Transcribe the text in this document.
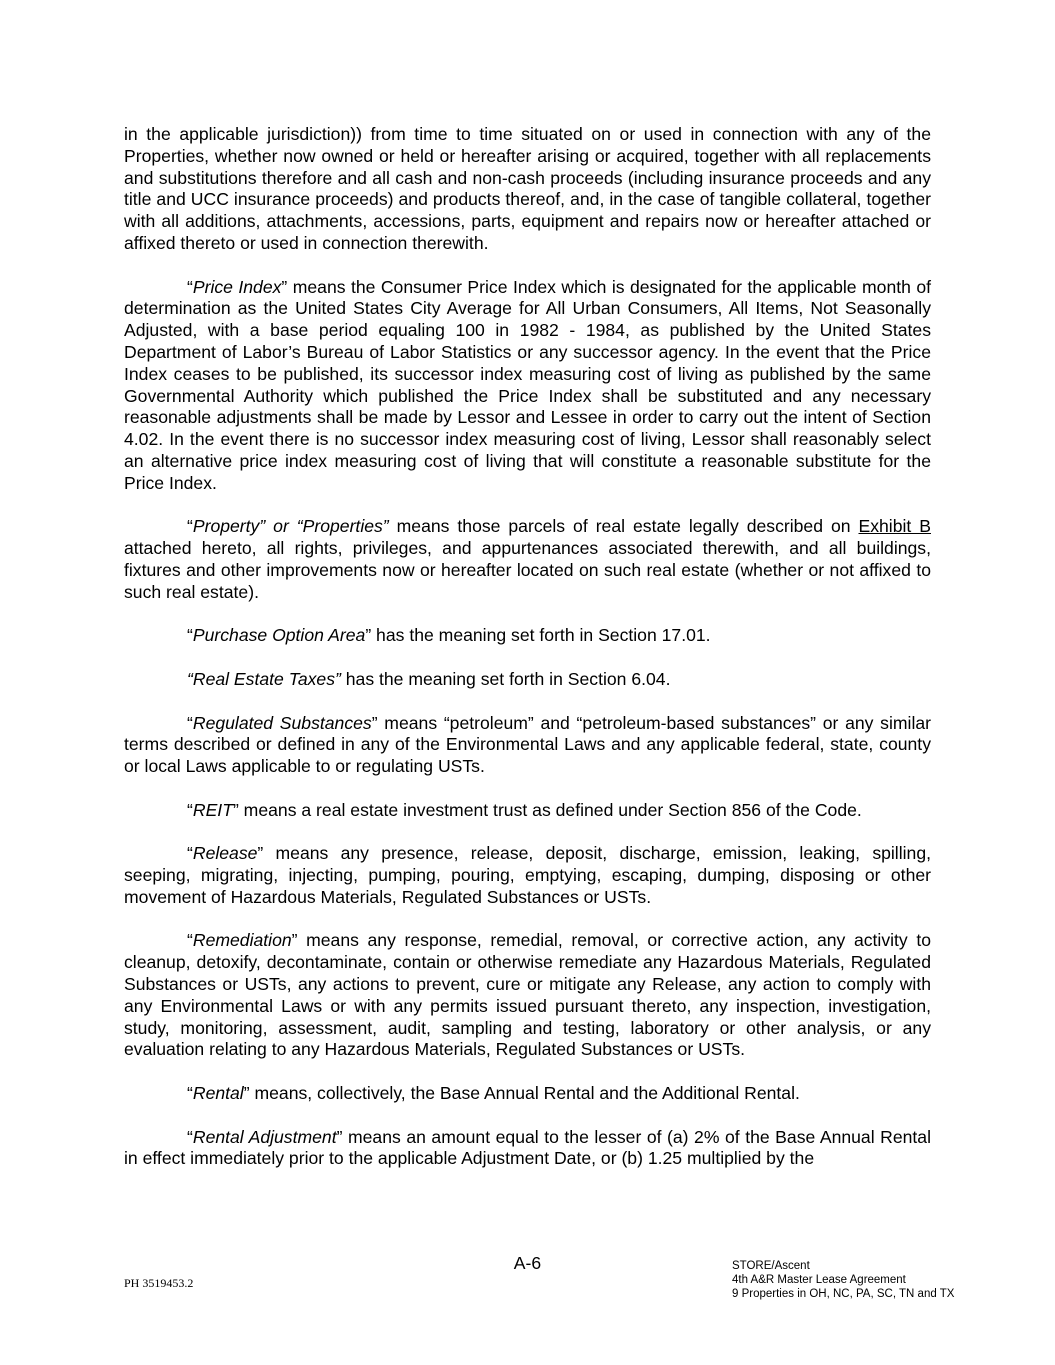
in the applicable jurisdiction)) from time to time situated on or used in connection with any of the Properties, whether now owned or held or hereafter arising or acquired, together with all replacements and substitutions therefore and all cash and non-cash proceeds (including insurance proceeds and any title and UCC insurance proceeds) and products thereof, and, in the case of tangible collateral, together with all additions, attachments, accessions, parts, equipment and repairs now or hereafter attached or affixed thereto or used in connection therewith.

“Price Index” means the Consumer Price Index which is designated for the applicable month of determination as the United States City Average for All Urban Consumers, All Items, Not Seasonally Adjusted, with a base period equaling 100 in 1982 - 1984, as published by the United States Department of Labor’s Bureau of Labor Statistics or any successor agency. In the event that the Price Index ceases to be published, its successor index measuring cost of living as published by the same Governmental Authority which published the Price Index shall be substituted and any necessary reasonable adjustments shall be made by Lessor and Lessee in order to carry out the intent of Section 4.02. In the event there is no successor index measuring cost of living, Lessor shall reasonably select an alternative price index measuring cost of living that will constitute a reasonable substitute for the Price Index.

“Property” or “Properties” means those parcels of real estate legally described on Exhibit B attached hereto, all rights, privileges, and appurtenances associated therewith, and all buildings, fixtures and other improvements now or hereafter located on such real estate (whether or not affixed to such real estate).

“Purchase Option Area” has the meaning set forth in Section 17.01.

“Real Estate Taxes” has the meaning set forth in Section 6.04.

“Regulated Substances” means “petroleum” and “petroleum-based substances” or any similar terms described or defined in any of the Environmental Laws and any applicable federal, state, county or local Laws applicable to or regulating USTs.

“REIT” means a real estate investment trust as defined under Section 856 of the Code.

“Release” means any presence, release, deposit, discharge, emission, leaking, spilling, seeping, migrating, injecting, pumping, pouring, emptying, escaping, dumping, disposing or other movement of Hazardous Materials, Regulated Substances or USTs.

“Remediation” means any response, remedial, removal, or corrective action, any activity to cleanup, detoxify, decontaminate, contain or otherwise remediate any Hazardous Materials, Regulated Substances or USTs, any actions to prevent, cure or mitigate any Release, any action to comply with any Environmental Laws or with any permits issued pursuant thereto, any inspection, investigation, study, monitoring, assessment, audit, sampling and testing, laboratory or other analysis, or any evaluation relating to any Hazardous Materials, Regulated Substances or USTs.

“Rental” means, collectively, the Base Annual Rental and the Additional Rental.

“Rental Adjustment” means an amount equal to the lesser of (a) 2% of the Base Annual Rental in effect immediately prior to the applicable Adjustment Date, or (b) 1.25 multiplied by the

A-6
PH 3519453.2
STORE/Ascent
4th A&R Master Lease Agreement
9 Properties in OH, NC, PA, SC, TN and TX
